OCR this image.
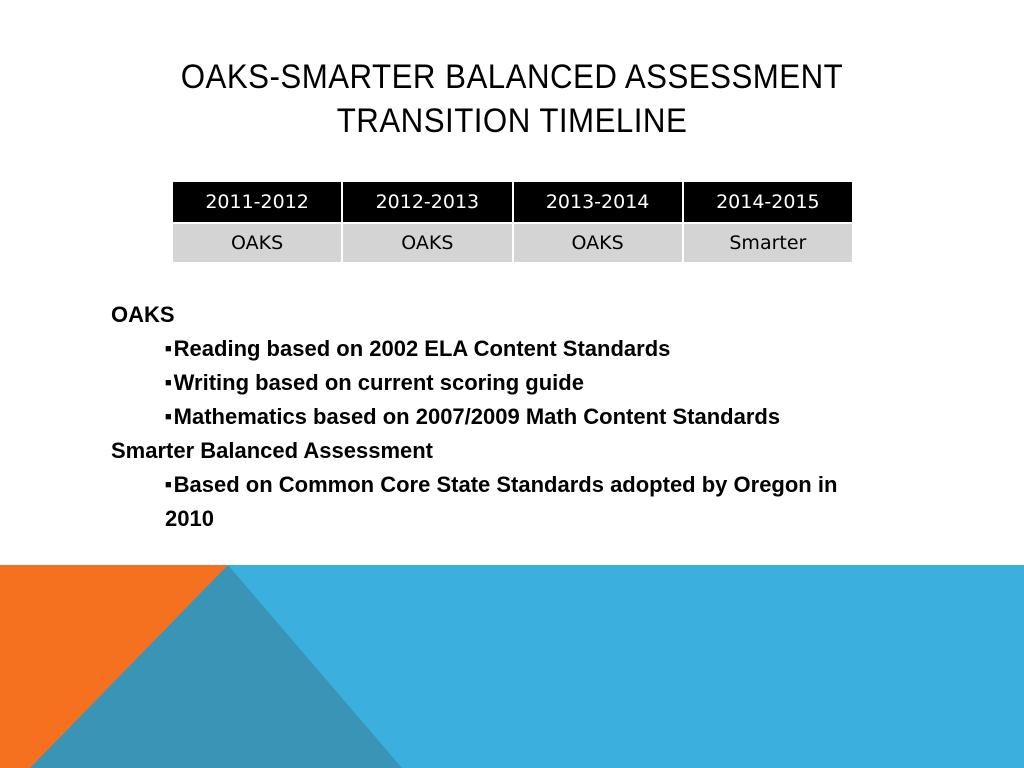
OAKS-SMARTER BALANCED ASSESSMENT
TRANSITION TIMELINE
2011-2012	2012-2013	2013-2014	2014-2015
OAKS	OAKS	OAKS	Smarter
OAKS
■Reading based on 2002 ELA Content Standards
■Writing based on current scoring guide
■Mathematics based on 2007/2009 Math Content Standards
Smarter Balanced Assessment
■Based on Common Core State Standards adopted by Oregon in 2010
